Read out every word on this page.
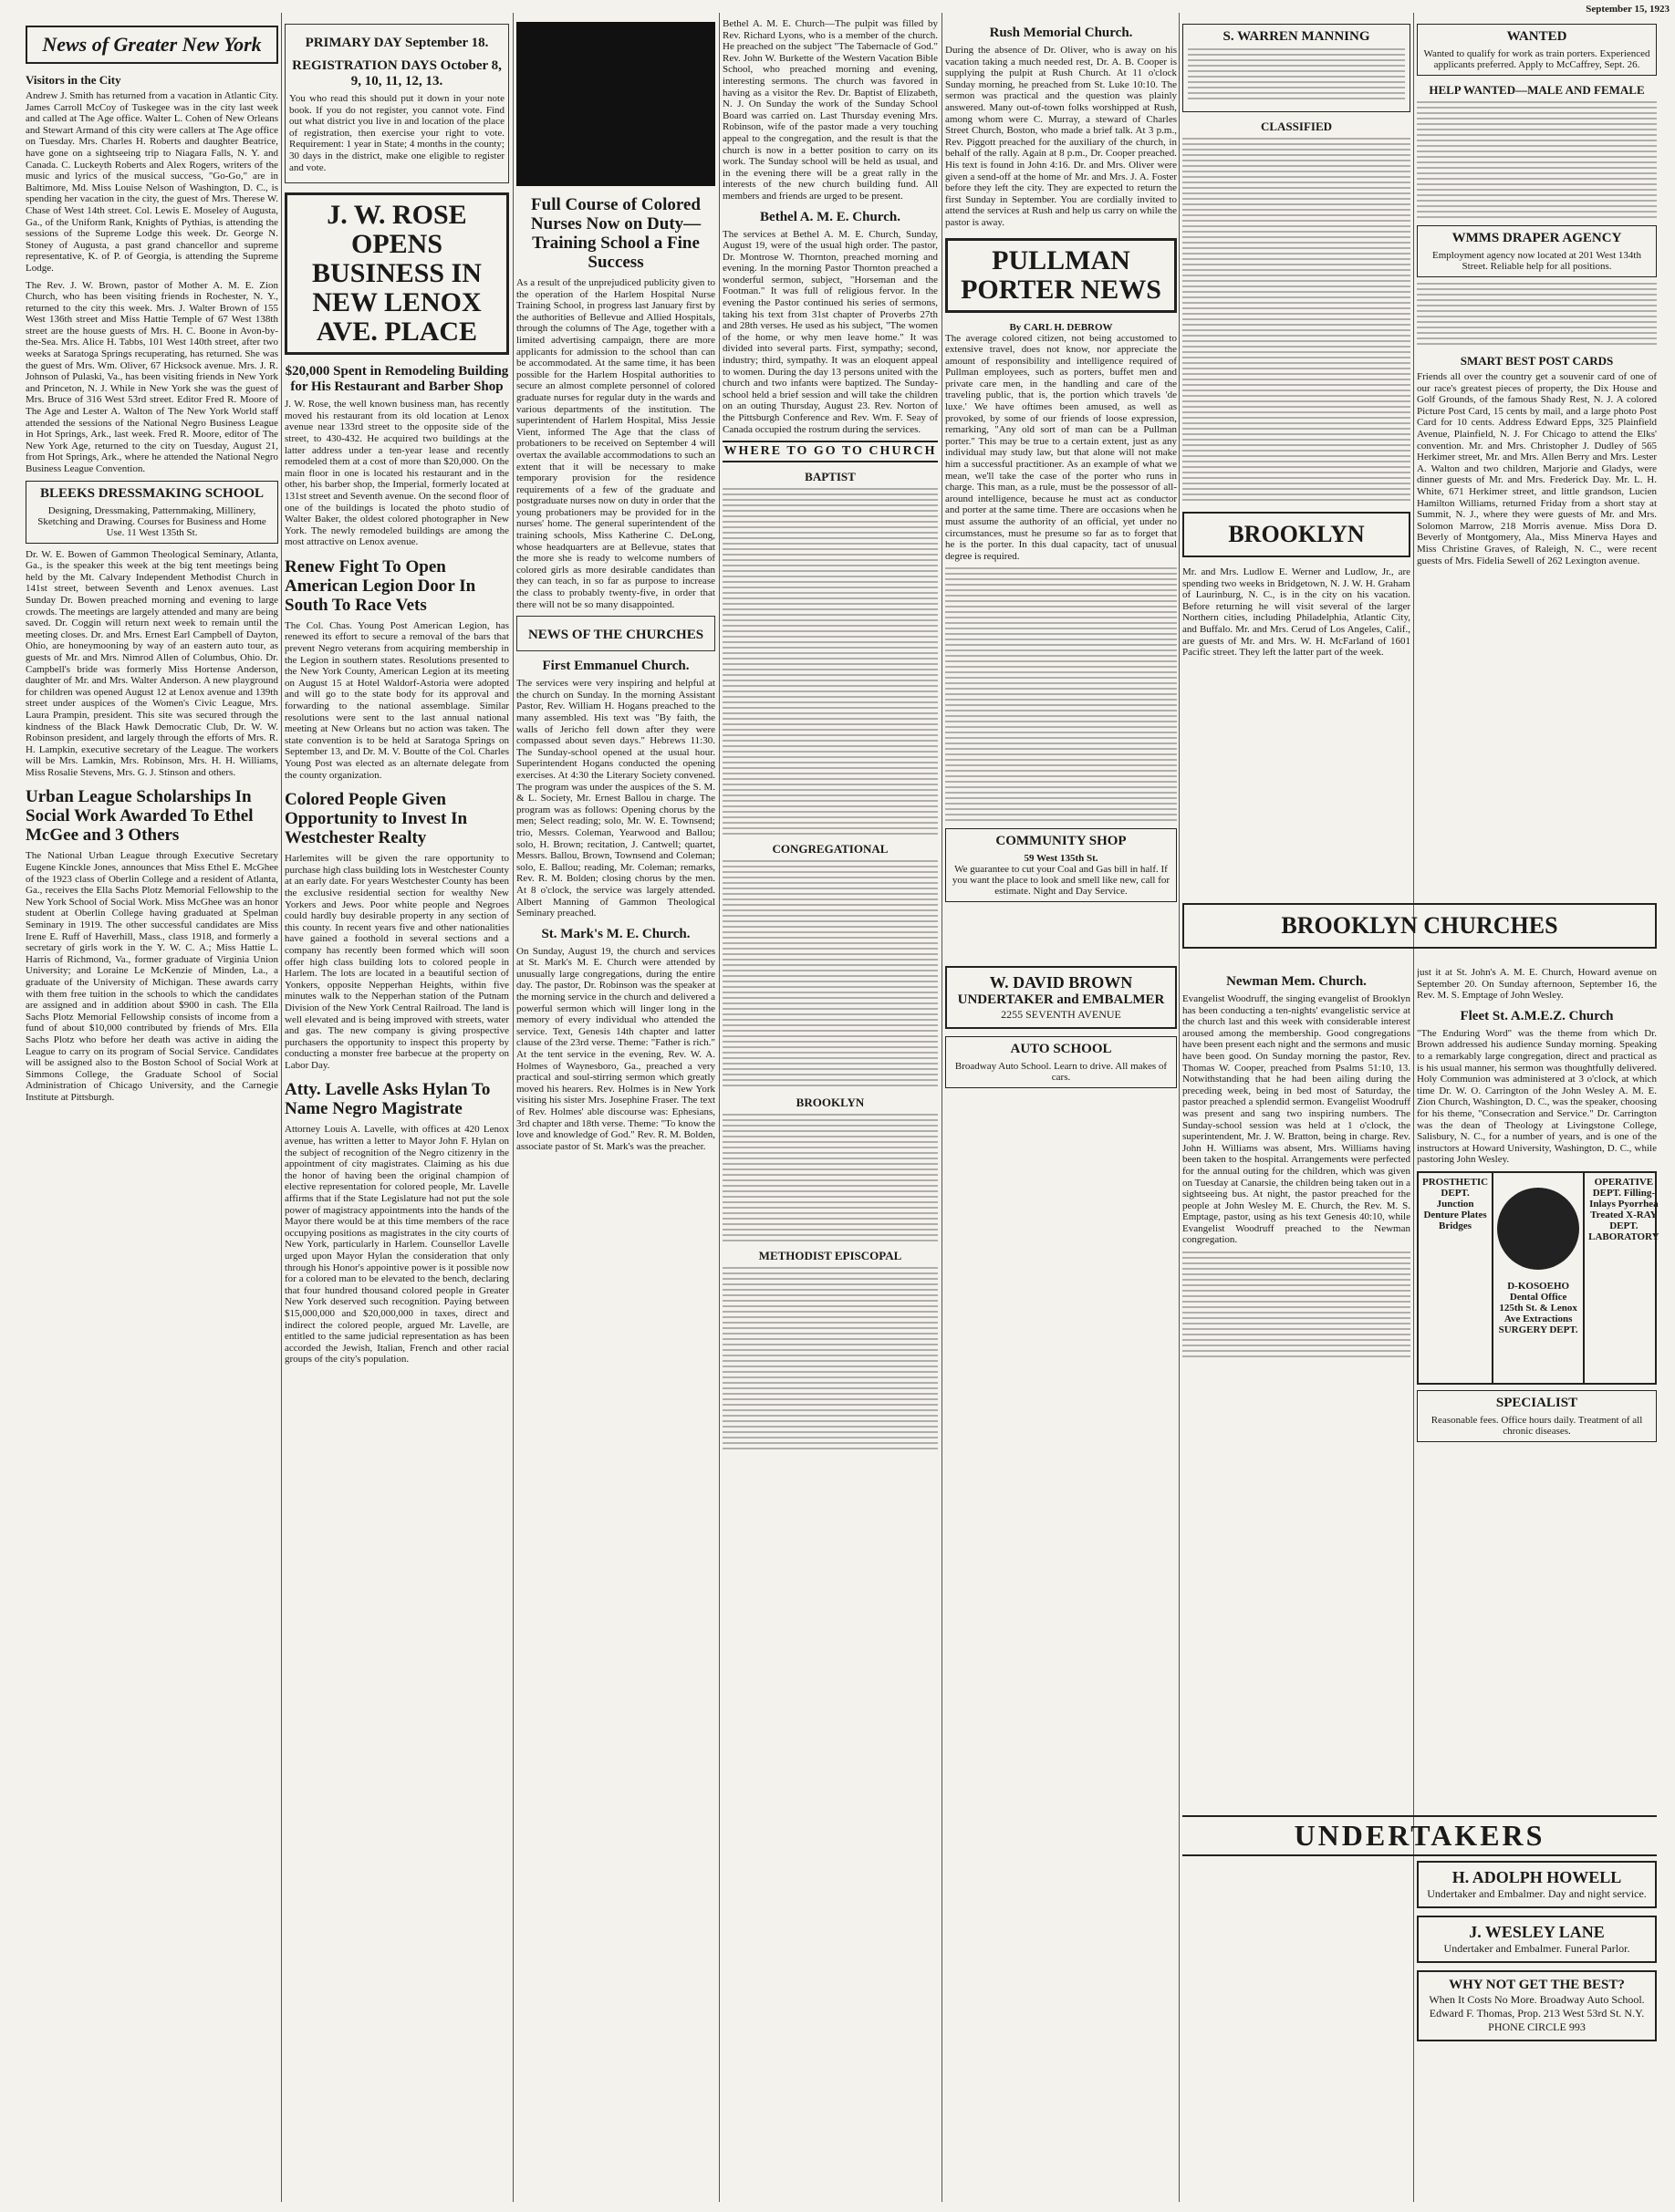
September 15, 1923
News of Greater New York
Visitors in the City

Andrew J. Smith has returned from a vacation in Atlantic City. James Carroll McCoy of Tuskegee was in the city last week and called at The Age office. Walter L. Cohen of New Orleans and Stewart Armand of this city were callers at The Age office on Tuesday. Mrs. Charles H. Roberts and daughter Beatrice, have gone on a sightseeing trip to Niagara Falls, N. Y. and Canada. C. Luckeyth Roberts and Alex Rogers, writers of the music and lyrics of the musical success, "Go-Go," are in Baltimore, Md. Miss Louise Nelson of Washington, D. C., is spending her vacation in the city, the guest of Mrs. Therese W. Chase of West 14th street. Col. Lewis E. Moseley of Augusta, Ga., of the Uniform Rank, Knights of Pythias, is attending the sessions of the Supreme Lodge this week. Dr. George N. Stoney of Augusta, a past grand chancellor and supreme representative, K. of P. of Georgia, is attending the Supreme Lodge.

The Rev. J. W. Brown, pastor of Mother A. M. E. Zion Church, who has been visiting friends in Rochester, N. Y., returned to the city this week. Mrs. J. Walter Brown of 155 West 136th street and Miss Hattie Temple of 67 West 138th street are the house guests of Mrs. H. C. Boone in Avon-by-the-Sea. Mrs. Alice H. Tabbs, 101 West 140th street, after two weeks at Saratoga Springs recuperating, has returned. She was the guest of Mrs. Wm. Oliver, 67 Hicksock avenue. Mrs. J. R. Johnson of Pulaski, Va., has been visiting friends in New York and Princeton, N. J. While in New York she was the guest of Mrs. Bruce of 316 West 53rd street. Editor Fred R. Moore of The Age and Lester A. Walton of The New York World staff attended the sessions of the National Negro Business League in Hot Springs, Ark., last week. Fred R. Moore, editor of The New York Age, returned to the city on Tuesday, August 21, from Hot Springs, Ark., where he attended the National Negro Business League Convention.

BLEEKS DRESSMAKING SCHOOL
Designing, Dressmaking, Patternmaking, Millinery, Sketching and Drawing. Courses for Business and Home Use. 11 West 135th St.

Dr. W. E. Bowen of Gammon Theological Seminary, Atlanta, Ga., is the speaker this week at the big tent meetings being held by the Mt. Calvary Independent Methodist Church in 141st street, between Seventh and Lenox avenues. Last Sunday Dr. Bowen preached morning and evening to large crowds. The meetings are largely attended and many are being saved. Dr. Coggin will return next week to remain until the meeting closes. Dr. and Mrs. Ernest Earl Campbell of Dayton, Ohio, are honeymooning by way of an eastern auto tour, as guests of Mr. and Mrs. Nimrod Allen of Columbus, Ohio. Dr. Campbell's bride was formerly Miss Hortense Anderson, daughter of Mr. and Mrs. Walter Anderson. A new playground for children was opened August 12 at Lenox avenue and 139th street under auspices of the Women's Civic League, Mrs. Laura Prampin, president. This site was secured through the kindness of the Black Hawk Democratic Club, Dr. W. W. Robinson president, and largely through the efforts of Mrs. R. H. Lampkin, executive secretary of the League. The workers will be Mrs. Lamkin, Mrs. Robinson, Mrs. H. H. Williams, Miss Rosalie Stevens, Mrs. G. J. Stinson and others.

Urban League Scholarships In Social Work Awarded To Ethel McGee and 3 Others

The National Urban League through Executive Secretary Eugene Kinckle Jones, announces that Miss Ethel E. McGhee of the 1923 class of Oberlin College and a resident of Atlanta, Ga., receives the Ella Sachs Plotz Memorial Fellowship to the New York School of Social Work. Miss McGhee was an honor student at Oberlin College having graduated at Spelman Seminary in 1919. The other successful candidates are Miss Irene E. Ruff of Haverhill, Mass., class 1918, and formerly a secretary of girls work in the Y. W. C. A.; Miss Hattie L. Harris of Richmond, Va., former graduate of Virginia Union University; and Loraine Le McKenzie of Minden, La., a graduate of the University of Michigan. These awards carry with them free tuition in the schools to which the candidates are assigned and in addition about $900 in cash. The Ella Sachs Plotz Memorial Fellowship consists of income from a fund of about $10,000 contributed by friends of Mrs. Ella Sachs Plotz who before her death was active in aiding the League to carry on its program of Social Service. Candidates will be assigned also to the Boston School of Social Work at Simmons College, the Graduate School of Social Administration of Chicago University, and the Carnegie Institute at Pittsburgh.

PRIMARY DAY September 18.
REGISTRATION DAYS October 8, 9, 10, 11, 12, 13.

You who read this should put it down in your note book. If you do not register, you cannot vote. Find out what district you live in and location of the place of registration, then exercise your right to vote. Requirement: 1 year in State; 4 months in the county; 30 days in the district, make one eligible to register and vote.

J. W. ROSE OPENS BUSINESS IN NEW LENOX AVE. PLACE
$20,000 Spent in Remodeling Building for His Restaurant and Barber Shop

J. W. Rose, the well known business man, has recently moved his restaurant from its old location at Lenox avenue near 133rd street to the opposite side of the street, to 430-432. He acquired two buildings at the latter address under a ten-year lease and recently remodeled them at a cost of more than $20,000. On the main floor in one is located his restaurant and in the other, his barber shop, the Imperial, formerly located at 131st street and Seventh avenue. On the second floor of one of the buildings is located the photo studio of Walter Baker, the oldest colored photographer in New York. The newly remodeled buildings are among the most attractive on Lenox avenue.

Renew Fight To Open American Legion Door In South To Race Vets

The Col. Chas. Young Post American Legion, has renewed its effort to secure a removal of the bars that prevent Negro veterans from acquiring membership in the Legion in southern states. Resolutions presented to the New York County, American Legion at its meeting on August 15 at Hotel Waldorf-Astoria were adopted and will go to the state body for its approval and forwarding to the national assemblage. Similar resolutions were sent to the last annual national meeting at New Orleans but no action was taken. The state convention is to be held at Saratoga Springs on September 13, and Dr. M. V. Boutte of the Col. Charles Young Post was elected as an alternate delegate from the county organization.

Colored People Given Opportunity to Invest In Westchester Realty

Harlemites will be given the rare opportunity to purchase high class building lots in Westchester County at an early date. For years Westchester County has been the exclusive residential section for wealthy New Yorkers and Jews. Poor white people and Negroes could hardly buy desirable property in any section of this county. In recent years five and other nationalities have gained a foothold in several sections and a company has recently been formed which will soon offer high class building lots to colored people in Harlem. The lots are located in a beautiful section of Yonkers, opposite Nepperhan Heights, within five minutes walk to the Nepperhan station of the Putnam Division of the New York Central Railroad. The land is well elevated and is being improved with streets, water and gas. The new company is giving prospective purchasers the opportunity to inspect this property by conducting a monster free barbecue at the property on Labor Day.

Atty. Lavelle Asks Hylan To Name Negro Magistrate

Attorney Louis A. Lavelle, with offices at 420 Lenox avenue, has written a letter to Mayor John F. Hylan on the subject of recognition of the Negro citizenry in the appointment of city magistrates. Claiming as his due the honor of having been the original champion of elective representation for colored people, Mr. Lavelle affirms that if the State Legislature had not put the sole power of magistracy appointments into the hands of the Mayor there would be at this time members of the race occupying positions as magistrates in the city courts of New York, particularly in Harlem. Counsellor Lavelle urged upon Mayor Hylan the consideration that only through his Honor's appointive power is it possible now for a colored man to be elevated to the bench, declaring that four hundred thousand colored people in Greater New York deserved such recognition. Paying between $15,000,000 and $20,000,000 in taxes, direct and indirect the colored people, argued Mr. Lavelle, are entitled to the same judicial representation as has been accorded the Jewish, Italian, French and other racial groups of the city's population.

Full Course of Colored Nurses Now on Duty—Training School a Fine Success

As a result of the unprejudiced publicity given to the operation of the Harlem Hospital Nurse Training School, in progress last January first by the authorities of Bellevue and Allied Hospitals, through the columns of The Age, together with a limited advertising campaign, there are more applicants for admission to the school than can be accommodated. At the same time, it has been possible for the Harlem Hospital authorities to secure an almost complete personnel of colored graduate nurses for regular duty in the wards and various departments of the institution. The superintendent of Harlem Hospital, Miss Jessie Vient, informed The Age that the class of probationers to be received on September 4 will overtax the available accommodations to such an extent that it will be necessary to make temporary provision for the residence requirements of a few of the graduate and postgraduate nurses now on duty in order that the young probationers may be provided for in the nurses' home. The general superintendent of the training schools, Miss Katherine C. DeLong, whose headquarters are at Bellevue, states that the more she is ready to welcome numbers of colored girls as more desirable candidates than they can teach, in so far as purpose to increase the class to probably twenty-five, in order that there will not be so many disappointed.

NEWS OF THE CHURCHES
First Emmanuel Church.

The services were very inspiring and helpful at the church on Sunday. In the morning Assistant Pastor, Rev. William H. Hogans preached to the many assembled. His text was "By faith, the walls of Jericho fell down after they were compassed about seven days." Hebrews 11:30. The Sunday-school opened at the usual hour. Superintendent Hogans conducted the opening exercises. At 4:30 the Literary Society convened. The program was under the auspices of the S. M. & L. Society, Mr. Ernest Ballou in charge. The program was as follows: Opening chorus by the men; Select reading; solo, Mr. W. E. Townsend; trio, Messrs. Coleman, Yearwood and Ballou; solo, H. Brown; recitation, J. Cantwell; quartet, Messrs. Ballou, Brown, Townsend and Coleman; solo, E. Ballou; reading, Mr. Coleman; remarks, Rev. R. M. Bolden; closing chorus by the men. At 8 o'clock, the service was largely attended. Albert Manning of Gammon Theological Seminary preached.

St. Mark's M. E. Church.

On Sunday, August 19, the church and services at St. Mark's M. E. Church were attended by unusually large congregations, during the entire day. The pastor, Dr. Robinson was the speaker at the morning service in the church and delivered a powerful sermon which will linger long in the memory of every individual who attended the service. Text, Genesis 14th chapter and latter clause of the 23rd verse. Theme: "Father is rich." At the tent service in the evening, Rev. W. A. Holmes of Waynesboro, Ga., preached a very practical and soul-stirring sermon which greatly moved his hearers. Rev. Holmes is in New York visiting his sister Mrs. Josephine Fraser. The text of Rev. Holmes' able discourse was: Ephesians, 3rd chapter and 18th verse. Theme: "To know the love and knowledge of God." Rev. R. M. Bolden, associate pastor of St. Mark's was the preacher.

Bethel A. M. E. Church—The pulpit was filled by Rev. Richard Lyons, who is a member of the church. He preached on the subject "The Tabernacle of God." Rev. John W. Burkette of the Western Vacation Bible School, who preached morning and evening, interesting sermons. The church was favored in having as a visitor the Rev. Dr. Baptist of Elizabeth, N. J. On Sunday the work of the Sunday School Board was carried on. Last Thursday evening Mrs. Robinson, wife of the pastor made a very touching appeal to the congregation, and the result is that the church is now in a better position to carry on its work. The Sunday school will be held as usual, and in the evening there will be a great rally in the interests of the new church building fund. All members and friends are urged to be present.

Bethel A. M. E. Church.

The services at Bethel A. M. E. Church, Sunday, August 19, were of the usual high order. The pastor, Dr. Montrose W. Thornton, preached morning and evening. In the morning Pastor Thornton preached a wonderful sermon, subject, "Horseman and the Footman." It was full of religious fervor. In the evening the Pastor continued his series of sermons, taking his text from 31st chapter of Proverbs 27th and 28th verses. He used as his subject, "The women of the home, or why men leave home." It was divided into several parts. First, sympathy; second, industry; third, sympathy. It was an eloquent appeal to women. During the day 13 persons united with the church and two infants were baptized. The Sunday-school held a brief session and will take the children on an outing Thursday, August 23. Rev. Norton of the Pittsburgh Conference and Rev. Wm. F. Seay of Canada occupied the rostrum during the services.

WHERE TO GO TO CHURCH
BAPTIST
CONGREGATIONAL
BROOKLYN
METHODIST EPISCOPAL
Rush Memorial Church.

During the absence of Dr. Oliver, who is away on his vacation taking a much needed rest, Dr. A. B. Cooper is supplying the pulpit at Rush Church. At 11 o'clock Sunday morning, he preached from St. Luke 10:10. The sermon was practical and the question was plainly answered. Many out-of-town folks worshipped at Rush, among whom were C. Murray, a steward of Charles Street Church, Boston, who made a brief talk. At 3 p.m., Rev. Piggott preached for the auxiliary of the church, in behalf of the rally. Again at 8 p.m., Dr. Cooper preached. His text is found in John 4:16. Dr. and Mrs. Oliver were given a send-off at the home of Mr. and Mrs. J. A. Foster before they left the city. They are expected to return the first Sunday in September. You are cordially invited to attend the services at Rush and help us carry on while the pastor is away.

PULLMAN PORTER NEWS
By CARL H. DEBROW

The average colored citizen, not being accustomed to extensive travel, does not know, nor appreciate the amount of responsibility and intelligence required of Pullman employees, such as porters, buffet men and private care men, in the handling and care of the traveling public, that is, the portion which travels 'de luxe.' We have oftimes been amused, as well as provoked, by some of our friends of loose expression, remarking, "Any old sort of man can be a Pullman porter." This may be true to a certain extent, just as any individual may study law, but that alone will not make him a successful practitioner. As an example of what we mean, we'll take the case of the porter who runs in charge. This man, as a rule, must be the possessor of all-around intelligence, because he must act as conductor and porter at the same time. There are occasions when he must assume the authority of an official, yet under no circumstances, must he presume so far as to forget that he is the porter. In this dual capacity, tact of unusual degree is required.

COMMUNITY SHOP
59 West 135th St.
We guarantee to cut your Coal and Gas bill in half. If you want the place to look and smell like new, call for estimate. Night and Day Service.
W. DAVID BROWN
UNDERTAKER and EMBALMER
2255 SEVENTH AVENUE
AUTO SCHOOL
Broadway Auto School. Learn to drive. All makes of cars.
S. WARREN MANNING
CLASSIFIED
BROOKLYN

Mr. and Mrs. Ludlow E. Werner and Ludlow, Jr., are spending two weeks in Bridgetown, N. J. W. H. Graham of Laurinburg, N. C., is in the city on his vacation. Before returning he will visit several of the larger Northern cities, including Philadelphia, Atlantic City, and Buffalo. Mr. and Mrs. Cerud of Los Angeles, Calif., are guests of Mr. and Mrs. W. H. McFarland of 1601 Pacific street. They left the latter part of the week.

BROOKLYN CHURCHES
Newman Mem. Church.

Evangelist Woodruff, the singing evangelist of Brooklyn has been conducting a ten-nights' evangelistic service at the church last and this week with considerable interest aroused among the membership. Good congregations have been present each night and the sermons and music have been good. On Sunday morning the pastor, Rev. Thomas W. Cooper, preached from Psalms 51:10, 13. Notwithstanding that he had been ailing during the preceding week, being in bed most of Saturday, the pastor preached a splendid sermon. Evangelist Woodruff was present and sang two inspiring numbers. The Sunday-school session was held at 1 o'clock, the superintendent, Mr. J. W. Bratton, being in charge. Rev. John H. Williams was absent, Mrs. Williams having been taken to the hospital. Arrangements were perfected for the annual outing for the children, which was given on Tuesday at Canarsie, the children being taken out in a sightseeing bus. At night, the pastor preached for the people at John Wesley M. E. Church, the Rev. M. S. Emptage, pastor, using as his text Genesis 40:10, while Evangelist Woodruff preached to the Newman congregation.

WANTED
Wanted to qualify for work as train porters. Experienced applicants preferred. Apply to McCaffrey, Sept. 26.
HELP WANTED—MALE AND FEMALE
WMMS DRAPER AGENCY
Employment agency now located at 201 West 134th Street. Reliable help for all positions.
SMART BEST POST CARDS

Friends all over the country get a souvenir card of one of our race's greatest pieces of property, the Dix House and Golf Grounds, of the famous Shady Rest, N. J. A colored Picture Post Card, 15 cents by mail, and a large photo Post Card for 10 cents. Address Edward Epps, 325 Plainfield Avenue, Plainfield, N. J. For Chicago to attend the Elks' convention. Mr. and Mrs. Christopher J. Dudley of 565 Herkimer street, Mr. and Mrs. Allen Berry and Mrs. Lester A. Walton and two children, Marjorie and Gladys, were dinner guests of Mr. and Mrs. Frederick Day. Mr. L. H. White, 671 Herkimer street, and little grandson, Lucien Hamilton Williams, returned Friday from a short stay at Summit, N. J., where they were guests of Mr. and Mrs. Solomon Marrow, 218 Morris avenue. Miss Dora D. Beverly of Montgomery, Ala., Miss Minerva Hayes and Miss Christine Graves, of Raleigh, N. C., were recent guests of Mrs. Fidelia Sewell of 262 Lexington avenue.

just it at St. John's A. M. E. Church, Howard avenue on September 20. On Sunday afternoon, September 16, the Rev. M. S. Emptage of John Wesley.

Fleet St. A.M.E.Z. Church

"The Enduring Word" was the theme from which Dr. Brown addressed his audience Sunday morning. Speaking to a remarkably large congregation, direct and practical as is his usual manner, his sermon was thoughtfully delivered. Holy Communion was administered at 3 o'clock, at which time Dr. W. O. Carrington of the John Wesley A. M. E. Zion Church, Washington, D. C., was the speaker, choosing for his theme, "Consecration and Service." Dr. Carrington was the dean of Theology at Livingstone College, Salisbury, N. C., for a number of years, and is one of the instructors at Howard University, Washington, D. C., while pastoring John Wesley.

PROSTHETIC DEPT. Junction Denture Plates Bridges
D-KOSOEHO Dental Office 125th St. & Lenox Ave Extractions SURGERY DEPT.
OPERATIVE DEPT. Filling-Inlays Pyorrhea Treated X-RAY DEPT. LABORATORY
SPECIALIST
Reasonable fees. Office hours daily. Treatment of all chronic diseases.
UNDERTAKERS
H. ADOLPH HOWELL
Undertaker and Embalmer. Day and night service.
J. WESLEY LANE
Undertaker and Embalmer. Funeral Parlor.
WHY NOT GET THE BEST?
When It Costs No More. Broadway Auto School. Edward F. Thomas, Prop. 213 West 53rd St. N.Y. PHONE CIRCLE 993
